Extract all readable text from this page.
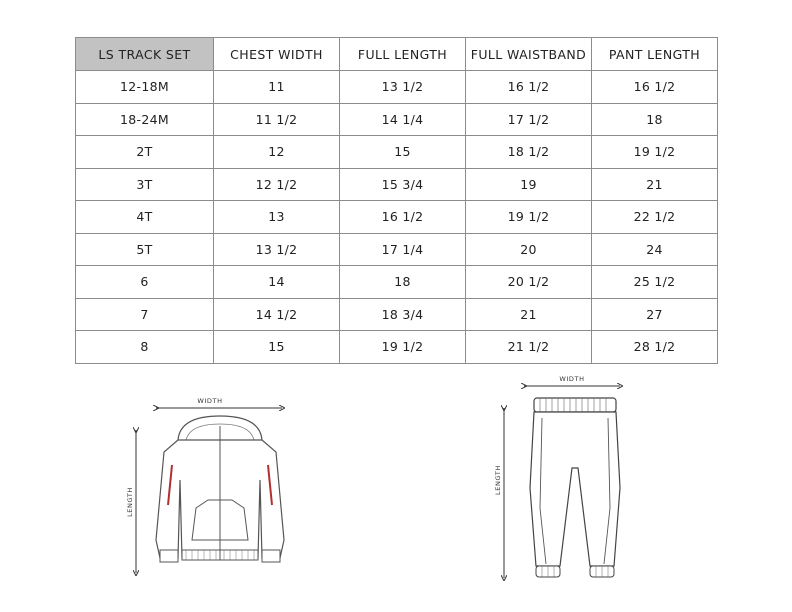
LS TRACK SET	CHEST WIDTH	FULL LENGTH	FULL WAISTBAND	PANT LENGTH
12-18M	11	13 1/2	16 1/2	16 1/2
18-24M	11 1/2	14 1/4	17 1/2	18
2T	12	15	18 1/2	19 1/2
3T	12 1/2	15 3/4	19	21
4T	13	16 1/2	19 1/2	22 1/2
5T	13 1/2	17 1/4	20	24
6	14	18	20 1/2	25 1/2
7	14 1/2	18 3/4	21	27
8	15	19 1/2	21 1/2	28 1/2
WIDTH
LENGTH
WIDTH
LENGTH
